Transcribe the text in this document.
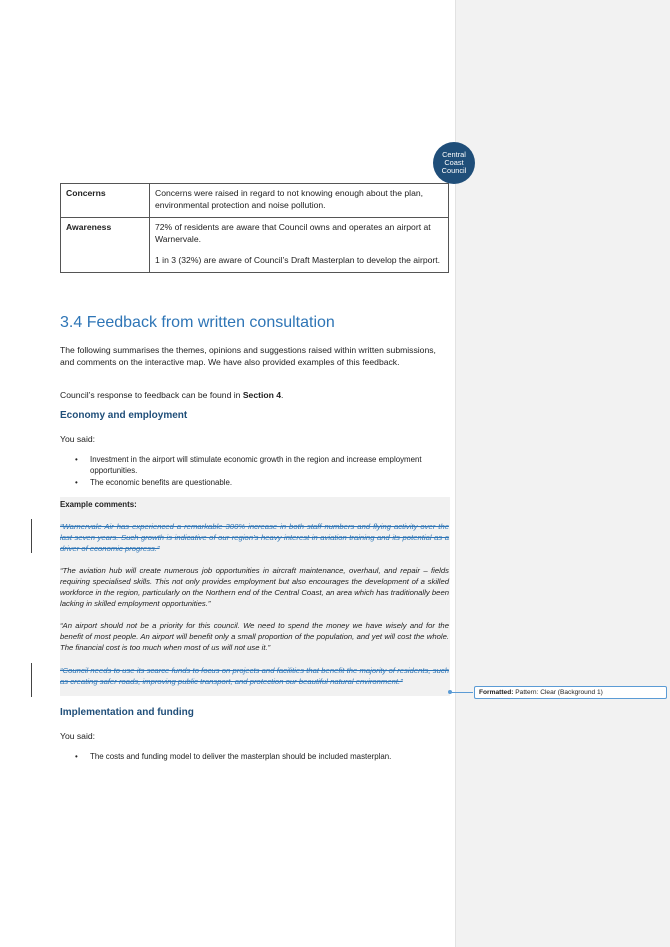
Central
Coast
Council
Concerns	Concerns were raised in regard to not knowing enough about the plan, environmental protection and noise pollution.

Awareness	72% of residents are aware that Council owns and operates an airport at Warnervale.

1 in 3 (32%) are aware of Council’s Draft Masterplan to develop the airport.

3.4 Feedback from written consultation
The following summarises the themes, opinions and suggestions raised within written submissions, and comments on the interactive map. We have also provided examples of this feedback.
Council’s response to feedback can be found in Section 4.
Economy and employment
You said:
• Investment in the airport will stimulate economic growth in the region and increase employment opportunities.
• The economic benefits are questionable.
Example comments:
“Warnervale Air has experienced a remarkable 300% increase in both staff numbers and flying activity over the last seven years. Such growth is indicative of our region’s heavy interest in aviation training and its potential as a driver of economic progress.”
“The aviation hub will create numerous job opportunities in aircraft maintenance, overhaul, and repair – fields requiring specialised skills. This not only provides employment but also encourages the development of a skilled workforce in the region, particularly on the Northern end of the Central Coast, an area which has traditionally been lacking in skilled employment opportunities.”
“An airport should not be a priority for this council. We need to spend the money we have wisely and for the benefit of most people. An airport will benefit only a small proportion of the population, and yet will cost the whole. The financial cost is too much when most of us will not use it.”
“Council needs to use its scarce funds to focus on projects and facilities that benefit the majority of residents, such as creating safer roads, improving public transport, and protection our beautiful natural environment.”
Formatted: Pattern: Clear (Background 1)
Implementation and funding
You said:
• The costs and funding model to deliver the masterplan should be included masterplan.
